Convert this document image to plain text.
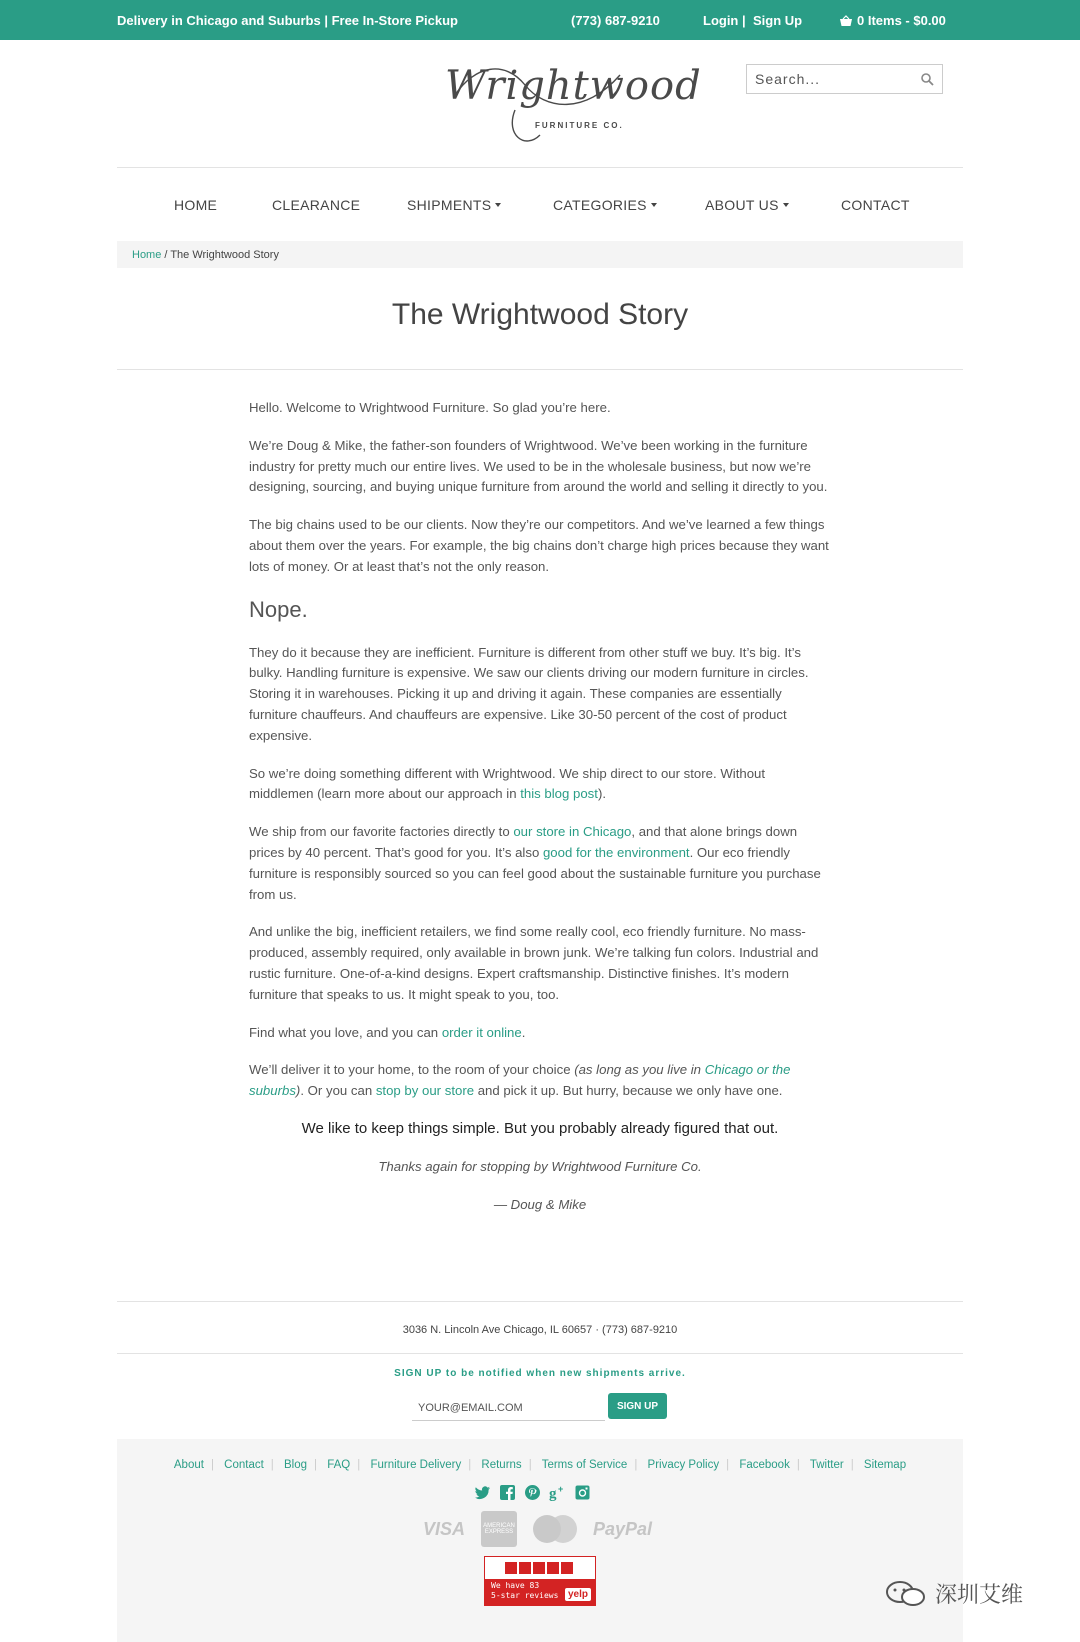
Delivery in Chicago and Suburbs | Free In-Store Pickup	(773) 687-9210	Login | Sign Up	0 Items - $0.00
Wrightwood
FURNITURE CO.
Search...
HOME	CLEARANCE	SHIPMENTS	CATEGORIES	ABOUT US	CONTACT
Home / The Wrightwood Story
The Wrightwood Story

Hello. Welcome to Wrightwood Furniture. So glad you’re here.

We’re Doug & Mike, the father-son founders of Wrightwood. We’ve been working in the furniture industry for pretty much our entire lives. We used to be in the wholesale business, but now we’re designing, sourcing, and buying unique furniture from around the world and selling it directly to you.

The big chains used to be our clients. Now they’re our competitors. And we’ve learned a few things about them over the years. For example, the big chains don’t charge high prices because they want lots of money. Or at least that’s not the only reason.

Nope.

They do it because they are inefficient. Furniture is different from other stuff we buy. It’s big. It’s bulky. Handling furniture is expensive. We saw our clients driving our modern furniture in circles. Storing it in warehouses. Picking it up and driving it again. These companies are essentially furniture chauffeurs. And chauffeurs are expensive. Like 30-50 percent of the cost of product expensive.

So we’re doing something different with Wrightwood. We ship direct to our store. Without middlemen (learn more about our approach in this blog post).

We ship from our favorite factories directly to our store in Chicago, and that alone brings down prices by 40 percent. That’s good for you. It’s also good for the environment. Our eco friendly furniture is responsibly sourced so you can feel good about the sustainable furniture you purchase from us.

And unlike the big, inefficient retailers, we find some really cool, eco friendly furniture. No mass-produced, assembly required, only available in brown junk. We’re talking fun colors. Industrial and rustic furniture. One-of-a-kind designs. Expert craftsmanship. Distinctive finishes. It’s modern furniture that speaks to us. It might speak to you, too.

Find what you love, and you can order it online.

We’ll deliver it to your home, to the room of your choice (as long as you live in Chicago or the suburbs). Or you can stop by our store and pick it up. But hurry, because we only have one.

We like to keep things simple. But you probably already figured that out.

Thanks again for stopping by Wrightwood Furniture Co.

— Doug & Mike

3036 N. Lincoln Ave Chicago, IL 60657 · (773) 687-9210
SIGN UP to be notified when new shipments arrive.
YOUR@EMAIL.COM
SIGN UP
About | Contact | Blog | FAQ | Furniture Delivery | Returns | Terms of Service | Privacy Policy | Facebook | Twitter | Sitemap
g +
VISA	AMERICAN EXPRESS	PayPal
We have 83
5-star reviews yelp	深圳艾维
